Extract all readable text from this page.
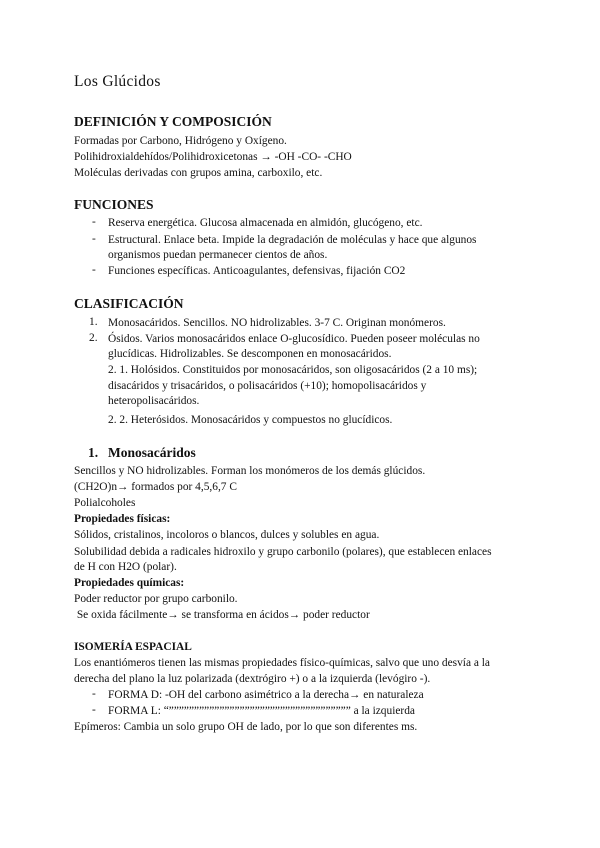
Los Glúcidos
DEFINICIÓN Y COMPOSICIÓN
Formadas por Carbono, Hidrógeno y Oxígeno.
Polihidroxialdehídos/Polihidroxicetonas → -OH -CO- -CHO
Moléculas derivadas con grupos amina, carboxilo, etc.
FUNCIONES
- Reserva energética. Glucosa almacenada en almidón, glucógeno, etc.
- Estructural. Enlace beta. Impide la degradación de moléculas y hace que algunos
organismos puedan permanecer cientos de años.
- Funciones específicas. Anticoagulantes, defensivas, fijación CO2
CLASIFICACIÓN
1. Monosacáridos. Sencillos. NO hidrolizables. 3-7 C. Originan monómeros.
2. Ósidos. Varios monosacáridos enlace O-glucosídico. Pueden poseer moléculas no
glucídicas. Hidrolizables. Se descomponen en monosacáridos.
2. 1. Holósidos. Constituidos por monosacáridos, son oligosacáridos (2 a 10 ms);
disacáridos y trisacáridos, o polisacáridos (+10); homopolisacáridos y
heteropolisacáridos.
2. 2. Heterósidos. Monosacáridos y compuestos no glucídicos.
1. Monosacáridos
Sencillos y NO hidrolizables. Forman los monómeros de los demás glúcidos.
(CH2O)n→ formados por 4,5,6,7 C
Polialcoholes
Propiedades físicas:
Sólidos, cristalinos, incoloros o blancos, dulces y solubles en agua.
Solubilidad debida a radicales hidroxilo y grupo carbonilo (polares), que establecen enlaces
de H con H2O (polar).
Propiedades químicas:
Poder reductor por grupo carbonilo.
Se oxida fácilmente→ se transforma en ácidos→ poder reductor
ISOMERÍA ESPACIAL
Los enantiómeros tienen las mismas propiedades físico-químicas, salvo que uno desvía a la
derecha del plano la luz polarizada (dextrógiro +) o a la izquierda (levógiro -).
- FORMA D: -OH del carbono asimétrico a la derecha→ en naturaleza
- FORMA L: “”””””””””””””””””””””””””””””””””””” a la izquierda
Epímeros: Cambia un solo grupo OH de lado, por lo que son diferentes ms.
